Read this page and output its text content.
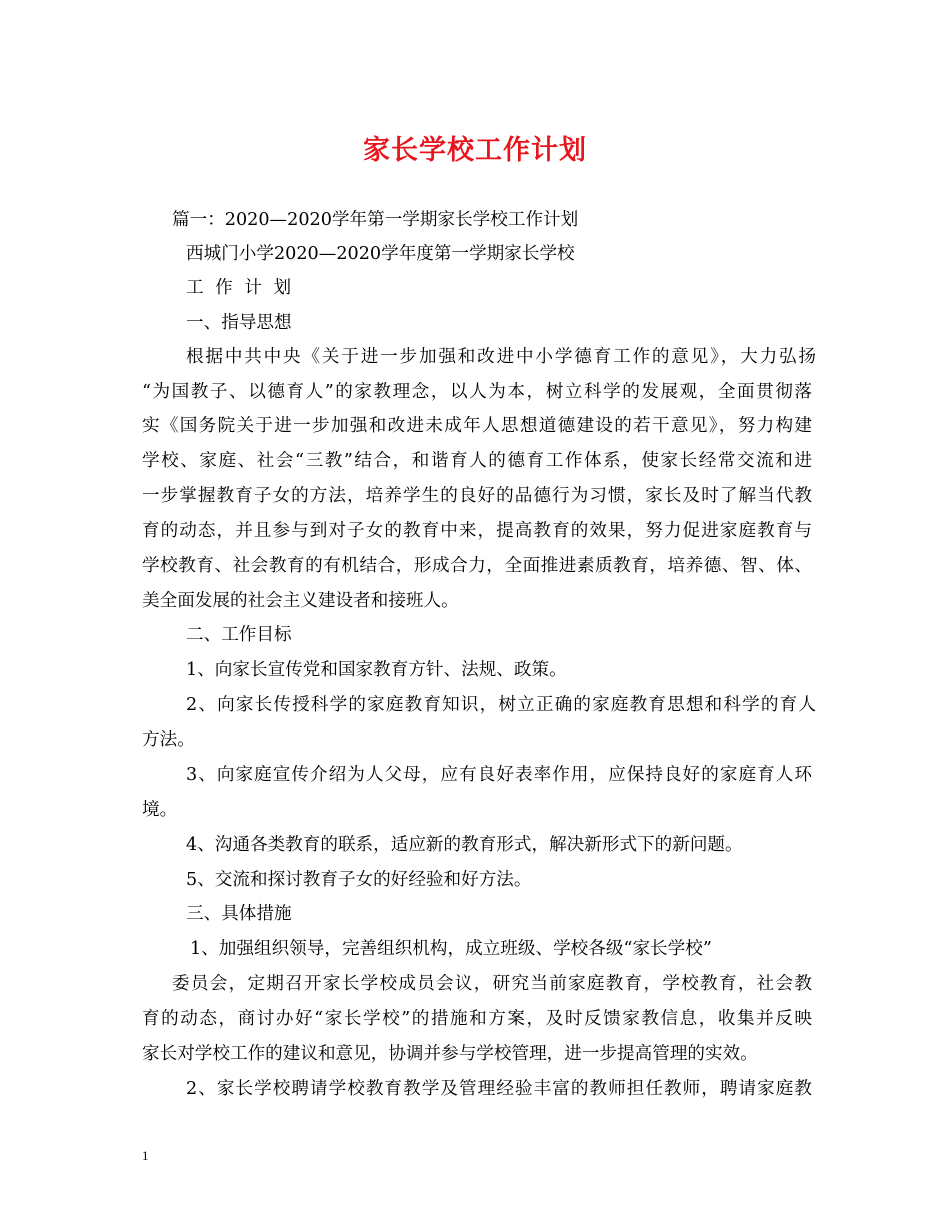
家长学校工作计划
篇一：2020—2020学年第一学期家长学校工作计划
西城门小学2020—2020学年度第一学期家长学校
工 作 计 划
一、指导思想
根据中共中央《关于进一步加强和改进中小学德育工作的意见》，大力弘扬
“为国教子、以德育人”的家教理念，以人为本，树立科学的发展观，全面贯彻落
实《国务院关于进一步加强和改进未成年人思想道德建设的若干意见》，努力构建
学校、家庭、社会“三教”结合，和谐育人的德育工作体系，使家长经常交流和进
一步掌握教育子女的方法，培养学生的良好的品德行为习惯，家长及时了解当代教
育的动态，并且参与到对子女的教育中来，提高教育的效果，努力促进家庭教育与
学校教育、社会教育的有机结合，形成合力，全面推进素质教育，培养德、智、体、
美全面发展的社会主义建设者和接班人。
二、工作目标
1、向家长宣传党和国家教育方针、法规、政策。
2、向家长传授科学的家庭教育知识，树立正确的家庭教育思想和科学的育人
方法。
3、向家庭宣传介绍为人父母，应有良好表率作用，应保持良好的家庭育人环
境。
4、沟通各类教育的联系，适应新的教育形式，解决新形式下的新问题。
5、交流和探讨教育子女的好经验和好方法。
三、具体措施
1、加强组织领导，完善组织机构，成立班级、学校各级“家长学校”
委员会，定期召开家长学校成员会议，研究当前家庭教育，学校教育，社会教
育的动态，商讨办好“家长学校”的措施和方案，及时反馈家教信息，收集并反映
家长对学校工作的建议和意见，协调并参与学校管理，进一步提高管理的实效。
2、家长学校聘请学校教育教学及管理经验丰富的教师担任教师，聘请家庭教
1
